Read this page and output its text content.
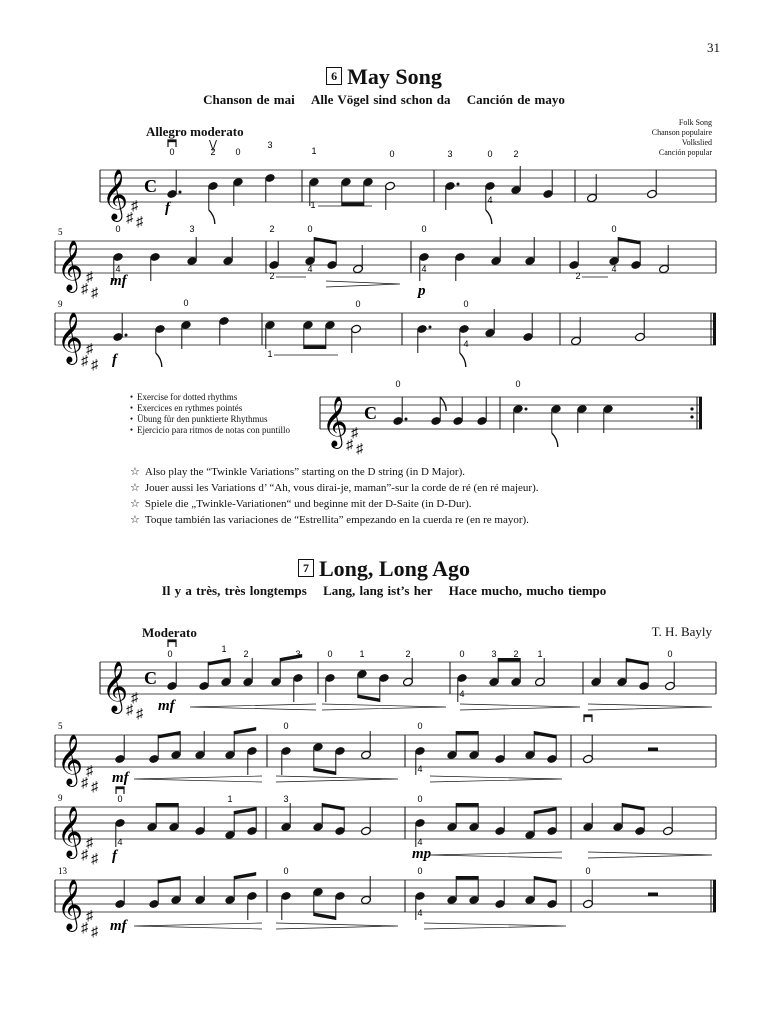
31
6 May Song
Chanson de mai Alle Vögel sind schon da Canción de mayo
Folk Song
Chanson populaire
Volkslied
Canción popular
Allegro moderato
● Exercise for dotted rhythms
● Exercices en rythmes pointés
● Übung für den punktierte Rhythmus
● Ejercicio para ritmos de notas con puntillo
☆ Also play the “Twinkle Variations” starting on the D string (in D Major).
☆ Jouer aussi les Variations d’ “Ah, vous dirai-je, maman”-sur la corde de ré (en ré majeur).
☆ Spiele die „Twinkle-Variationen“ und beginne mit der D-Saite (in D-Dur).
☆ Toque también las variaciones de “Estrellita” empezando en la cuerda re (en re mayor).
7 Long, Long Ago
Il y a très, très longtemps Lang, lang ist’s her Hace mucho, mucho tiempo
T. H. Bayly
Moderato
𝄞
♯
♯
♯
C
0	2 0
3
1	0	3	0 2
4
1
f
𝄞
♯
♯
♯
5	0	3	2	0	0	0
4
2
4	4
2
4
mf
p
𝄞
♯
♯
♯
9	0	0	0
4
1
f
𝄞
♯
♯
♯
C
0	0
𝄞
♯
♯
♯
C
0	1 2	3	0	1	2	0	3 2 1	0
4
mf
𝄞
♯
♯
♯
5	0	0
4
mf
𝄞
♯
♯
♯
9	0	1	3	0
4	4
f	mp
𝄞
♯
♯
♯
13	0	0	0
4
mf
